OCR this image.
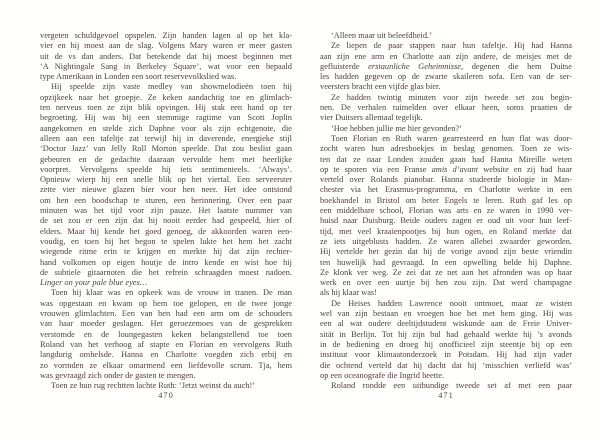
vergeten schuldgevoel opspelen. Zijn handen lagen al op het kla-
vier en hij moest aan de slag. Volgens Mary waren er meer gasten
uit de vs dan anders. Dat betekende dat hij moest beginnen met
‘A Nightingale Sang in Berkeley Square’, wat voor een bepaald
type Amerikaan in Londen een soort reservevolkslied was.
Hij speelde zijn vaste medley van showmelodieën toen hij
opzijkeek naar het groepje. Ze keken aandachtig toe en glimlach-
ten nerveus toen ze zijn blik opvingen. Hij stak een hand op ter
begroeting. Hij was bij een stemmige ragtime van Scott Joplin
aangekomen en stelde zich Daphne voor als zijn echtgenote, die
alleen aan een tafeltje zat terwijl hij in daverende, energieke stijl
‘Doctor Jazz’ van Jelly Roll Morton speelde. Dat zou beslist gaan
gebeuren en de gedachte daaraan vervulde hem met heerlijke
voorpret. Vervolgens speelde hij iets sentimenteels. ‘Always’.
Opnieuw wierp hij een snelle blik op het viertal. Een serveerster
zette vier nieuwe glazen bier voor hen neer. Het idee ontstond
om hen een boodschap te sturen, een herinnering. Over een paar
minuten was het tijd voor zijn pauze. Het laatste nummer van
de set zou er een zijn dat hij nooit eerder had gespeeld, hier of
elders. Maar hij kende het goed genoeg, de akkoorden waren een-
voudig, en toen hij het begon te spelen lukte het hem het zacht
wiegende ritme erin te krijgen en merkte hij dat zijn rechter-
hand volkomen op eigen houtje de intro kende en wist hoe hij
de subtiele gitaarnoten die het refrein schraagden moest nadoen.
Linger on your pale blue eyes…
Toen hij klaar was en opkeek was de vrouw in tranen. De man
was opgestaan en kwam op hem toe gelopen, en de twee jonge
vrouwen glimlachten. Een van hen had een arm om de schouders
van haar moeder geslagen. Het geroezemoes van de gesprekken
verstomde en de loungegasten keken belangstellend toe toen
Roland van het verhoog af stapte en Florian en vervolgens Ruth
langdurig omhelsde. Hanna en Charlotte voegden zich erbij en
zo vormden ze elkaar omarmend een liefdevolle scrum. Tja, hem
was gevraagd zich onder de gasten te mengen.
Toen ze hun rug rechtten lachte Ruth: ‘Jetzt weinst du auch!’
470
‘Alleen maar uit beleefdheid.’
Ze liepen de paar stappen naar hun tafeltje. Hij had Hanna
aan zijn ene arm en Charlotte aan zijn andere, de meisjes met de
gefluisterde erstaunliche Geheimnisse, degenen die hem Duitse
les hadden gegeven op de zwarte skaileren sofa. Een van de ser-
veersters bracht een vijfde glas bier.
Ze hadden twintig minuten voor zijn tweede set zou begin-
nen. De verhalen tuimelden over elkaar heen, soms praatten de
vier Duitsers allemaal tegelijk.
‘Hoe hebben jullie me hier gevonden?’
Toen Florian en Ruth waren gearresteerd en hun flat was door-
zocht waren hun adresboekjes in beslag genomen. Toen ze wis-
ten dat ze naar Londen zouden gaan had Hanna Mireille weten
op te sporen via een Franse amis d’avant website en zij had haar
verteld over Rolands pianobar. Hanna studeerde biologie in Man-
chester via het Erasmus-programma, en Charlotte werkte in een
boekhandel in Bristol om beter Engels te leren. Ruth gaf les op
een middelbare school, Florian was arts en ze waren in 1990 ver-
huisd naar Duisburg. Beide ouders zagen er oud uit voor hun leef-
tijd, met veel kraaienpootjes bij hun ogen, en Roland merkte dat
ze iets uitgeblusts hadden. Ze waren allebei zwaarder geworden.
Hij vertelde het gezin dat hij de vorige avond zijn beste vriendin
ten huwelijk had gevraagd. In een opwelling belde hij Daphne.
Ze klonk ver weg. Ze zei dat ze net aan het afronden was op haar
werk en over een uurtje bij hen zou zijn. Dat werd champagne
als hij klaar was!
De Heises hadden Lawrence nooit ontmoet, maar ze wisten
wel van zijn bestaan en vroegen hoe het met hem ging. Hij was
een al wat oudere deeltijdstudent wiskunde aan de Freie Univer-
sität in Berlijn. Tot hij zijn bul had gehaald werkte hij ’s avonds
in de bediening en droeg hij onofficieel zijn steentje bij op een
instituut voor klimaatonderzoek in Potsdam. Hij had zijn vader
die ochtend verteld dat hij dacht dat hij ‘misschien verliefd was’
op een oceanografe die Ingrid heette.
Roland rondde een uitbundige tweede set af met een paar
471
